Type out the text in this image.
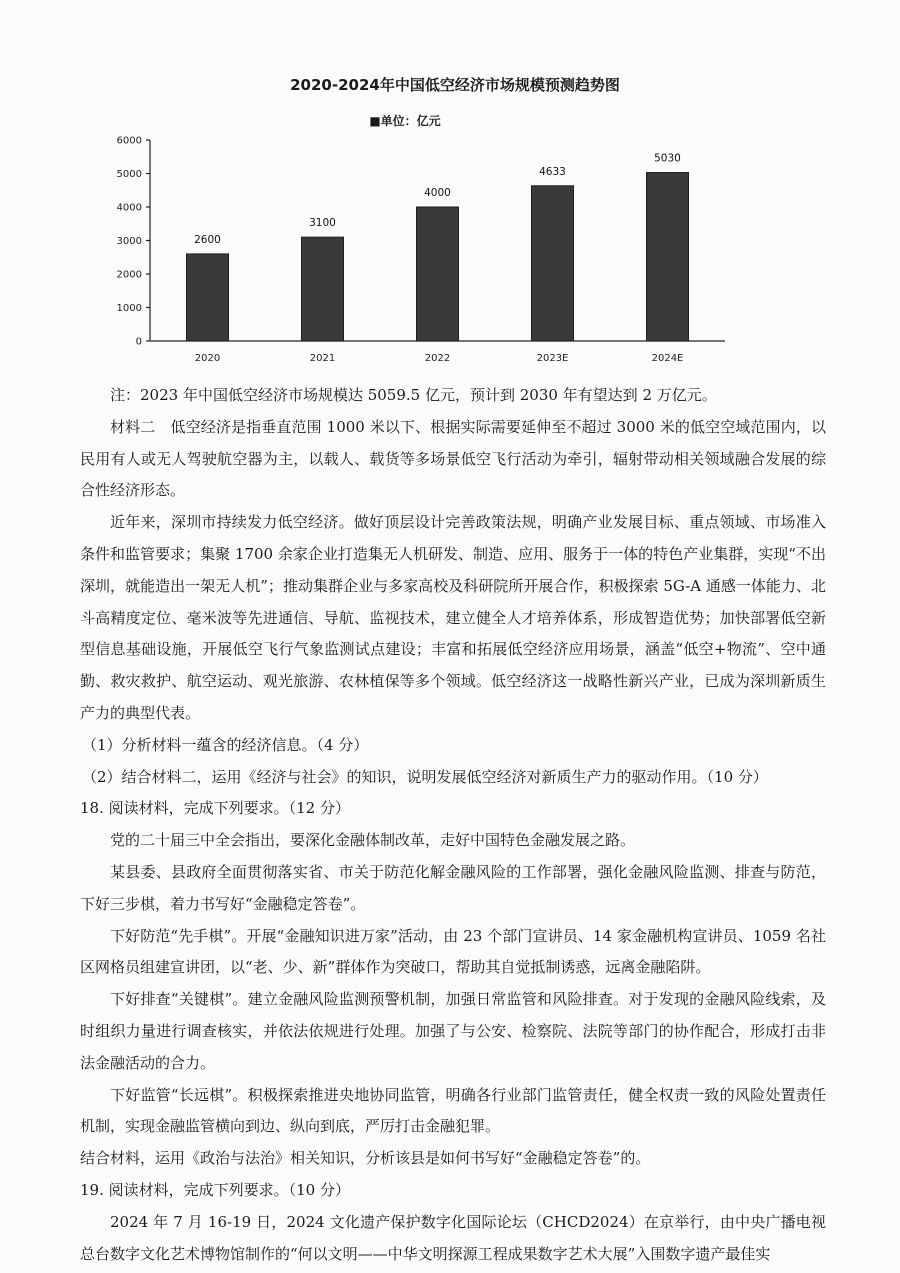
2020-2024年中国低空经济市场规模预测趋势图
■单位：亿元
0
1000
2000
3000
4000
5000
6000
2600
2020
3100
2021
4000
2022
4633
2023E
5030
2024E

注：2023 年中国低空经济市场规模达 5059.5 亿元，预计到 2030 年有望达到 2 万亿元。

材料二　低空经济是指垂直范围 1000 米以下、根据实际需要延伸至不超过 3000 米的低空空域范围内，以民用有人或无人驾驶航空器为主，以载人、载货等多场景低空飞行活动为牵引，辐射带动相关领域融合发展的综合性经济形态。

近年来，深圳市持续发力低空经济。做好顶层设计完善政策法规，明确产业发展目标、重点领域、市场准入条件和监管要求；集聚 1700 余家企业打造集无人机研发、制造、应用、服务于一体的特色产业集群，实现“不出深圳，就能造出一架无人机”；推动集群企业与多家高校及科研院所开展合作，积极探索 5G-A 通感一体能力、北斗高精度定位、毫米波等先进通信、导航、监视技术，建立健全人才培养体系，形成智造优势；加快部署低空新型信息基础设施，开展低空飞行气象监测试点建设；丰富和拓展低空经济应用场景，涵盖“低空+物流”、空中通勤、救灾救护、航空运动、观光旅游、农林植保等多个领域。低空经济这一战略性新兴产业，已成为深圳新质生产力的典型代表。

（1）分析材料一蕴含的经济信息。（4 分）

（2）结合材料二，运用《经济与社会》的知识，说明发展低空经济对新质生产力的驱动作用。（10 分）

18. 阅读材料，完成下列要求。（12 分）

党的二十届三中全会指出，要深化金融体制改革，走好中国特色金融发展之路。

某县委、县政府全面贯彻落实省、市关于防范化解金融风险的工作部署，强化金融风险监测、排查与防范，下好三步棋，着力书写好“金融稳定答卷”。

下好防范“先手棋”。开展“金融知识进万家”活动，由 23 个部门宣讲员、14 家金融机构宣讲员、1059 名社区网格员组建宣讲团，以“老、少、新”群体作为突破口，帮助其自觉抵制诱惑，远离金融陷阱。

下好排查“关键棋”。建立金融风险监测预警机制，加强日常监管和风险排查。对于发现的金融风险线索，及时组织力量进行调查核实，并依法依规进行处理。加强了与公安、检察院、法院等部门的协作配合，形成打击非法金融活动的合力。

下好监管“长远棋”。积极探索推进央地协同监管，明确各行业部门监管责任，健全权责一致的风险处置责任机制，实现金融监管横向到边、纵向到底，严厉打击金融犯罪。

结合材料，运用《政治与法治》相关知识，分析该县是如何书写好“金融稳定答卷”的。

19. 阅读材料，完成下列要求。（10 分）

2024 年 7 月 16-19 日，2024 文化遗产保护数字化国际论坛（CHCD2024）在京举行，由中央广播电视总台数字文化艺术博物馆制作的“何以文明——中华文明探源工程成果数字艺术大展”入围数字遗产最佳实
